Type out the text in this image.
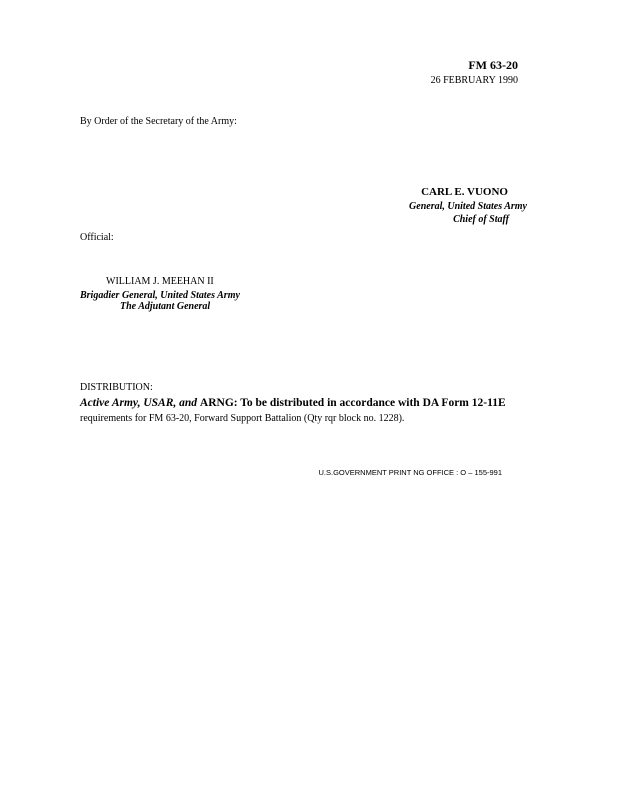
FM 63-20
26 FEBRUARY 1990
By Order of the Secretary of the Army:
CARL E. VUONO
General, United States Army
Chief of Staff
Official:
WILLIAM J. MEEHAN II
Brigadier General, United States Army
The Adjutant General
DISTRIBUTION:
Active Army, USAR, and ARNG: To be distributed in accordance with DA Form 12-11E
requirements for FM 63-20, Forward Support Battalion (Qty rqr block no. 1228).
U.S.GOVERNMENT PRINT NG OFFICE : O – 155-991
